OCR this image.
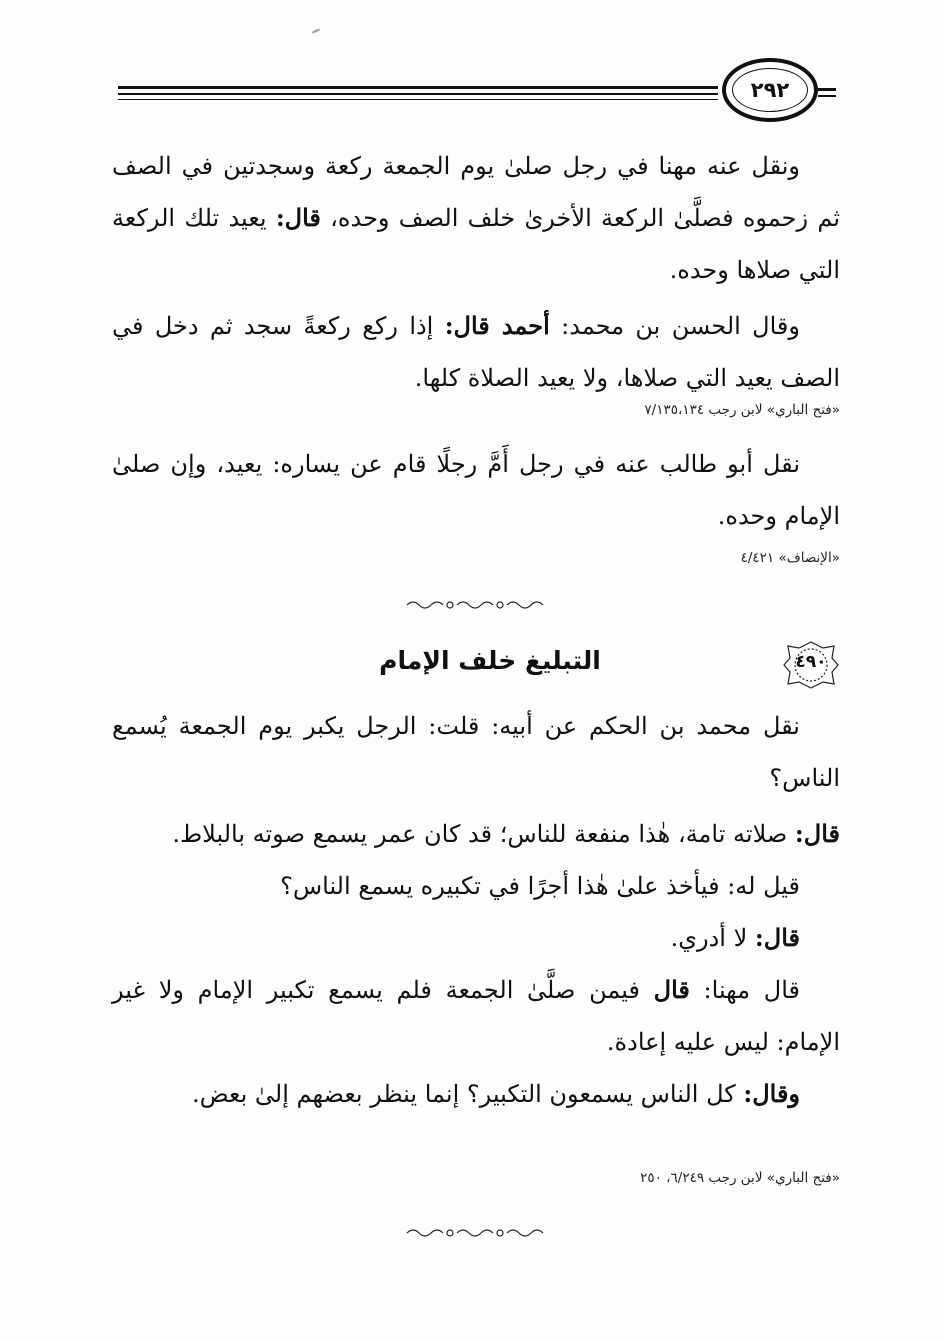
٢٩٢

ونقل عنه مهنا في رجل صلىٰ يوم الجمعة ركعة وسجدتين في الصف ثم زحموه فصلَّىٰ الركعة الأخرىٰ خلف الصف وحده، قال: يعيد تلك الركعة التي صلاها وحده.

وقال الحسن بن محمد: أحمد قال: إذا ركع ركعةً سجد ثم دخل في الصف يعيد التي صلاها، ولا يعيد الصلاة كلها.

«فتح الباري» لابن رجب ٧/١٣٥،١٣٤

نقل أبو طالب عنه في رجل أَمَّ رجلًا قام عن يساره: يعيد، وإن صلىٰ الإمام وحده.

«الإنصاف» ٤/٤٢١
٤٩٠
التبليغ خلف الإمام

نقل محمد بن الحكم عن أبيه: قلت: الرجل يكبر يوم الجمعة يُسمع الناس؟

قال: صلاته تامة، هٰذا منفعة للناس؛ قد كان عمر يسمع صوته بالبلاط.

قيل له: فيأخذ علىٰ هٰذا أجرًا في تكبيره يسمع الناس؟

قال: لا أدري.

قال مهنا: قال فيمن صلَّىٰ الجمعة فلم يسمع تكبير الإمام ولا غير الإمام: ليس عليه إعادة.

وقال: كل الناس يسمعون التكبير؟ إنما ينظر بعضهم إلىٰ بعض.

«فتح الباري» لابن رجب ٦/٢٤٩، ٢٥٠
